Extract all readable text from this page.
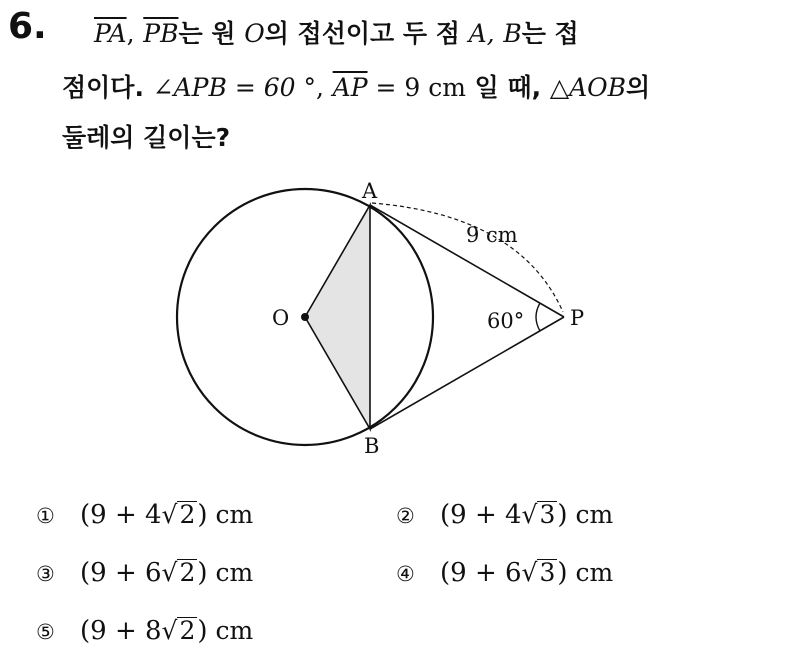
6. $\overline{PA}$, $\overline{PB}$는 원 O의 접선이고 두 점 A, B는 접
점이다. ∠APB = 60 °, $\overline{AP} = 9$ cm 일 때, △AOB의
둘레의 길이는?
A
B
O	P
60°
9 cm
① (9 + 4√2) cm	② (9 + 4√3) cm
③ (9 + 6√2) cm	④ (9 + 6√3) cm
⑤ (9 + 8√2) cm
